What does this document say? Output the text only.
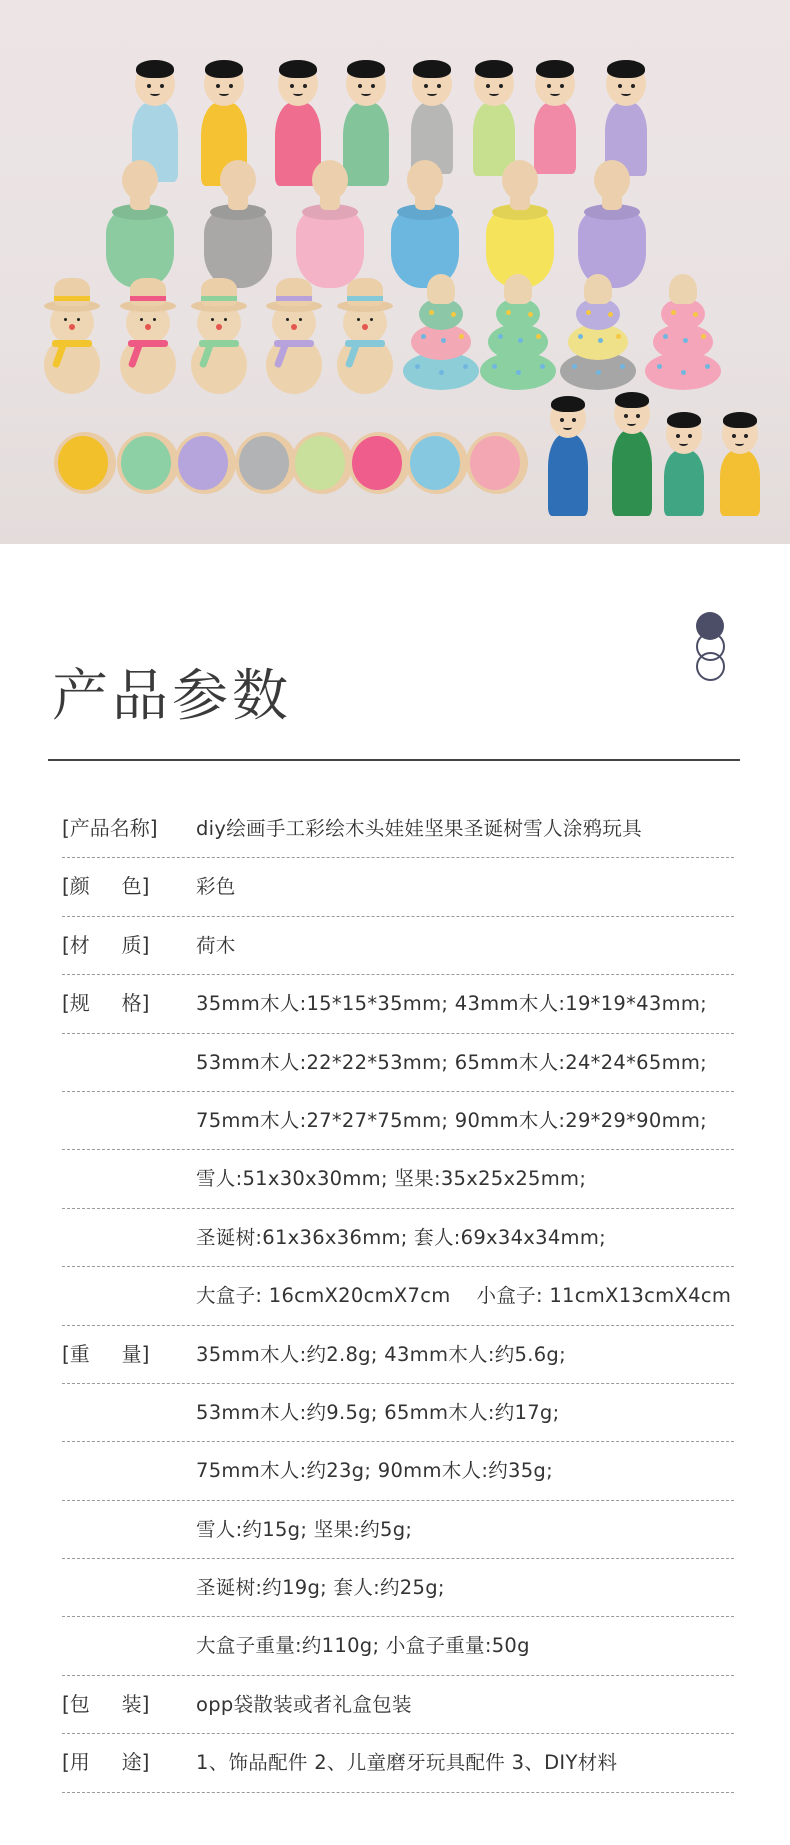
产品参数
[产品名称] diy绘画手工彩绘木头娃娃坚果圣诞树雪人涂鸦玩具
[颜     色] 彩色
[材     质] 荷木
[规     格] 35mm木人:15*15*35mm; 43mm木人:19*19*43mm;
53mm木人:22*22*53mm; 65mm木人:24*24*65mm;
75mm木人:27*27*75mm; 90mm木人:29*29*90mm;
雪人:51x30x30mm; 坚果:35x25x25mm;
圣诞树:61x36x36mm; 套人:69x34x34mm;
大盒子: 16cmX20cmX7cm    小盒子: 11cmX13cmX4cm
[重     量] 35mm木人:约2.8g; 43mm木人:约5.6g;
53mm木人:约9.5g; 65mm木人:约17g;
75mm木人:约23g; 90mm木人:约35g;
雪人:约15g; 坚果:约5g;
圣诞树:约19g; 套人:约25g;
大盒子重量:约110g; 小盒子重量:50g
[包     装] opp袋散装或者礼盒包装
[用     途] 1、饰品配件 2、儿童磨牙玩具配件 3、DIY材料
